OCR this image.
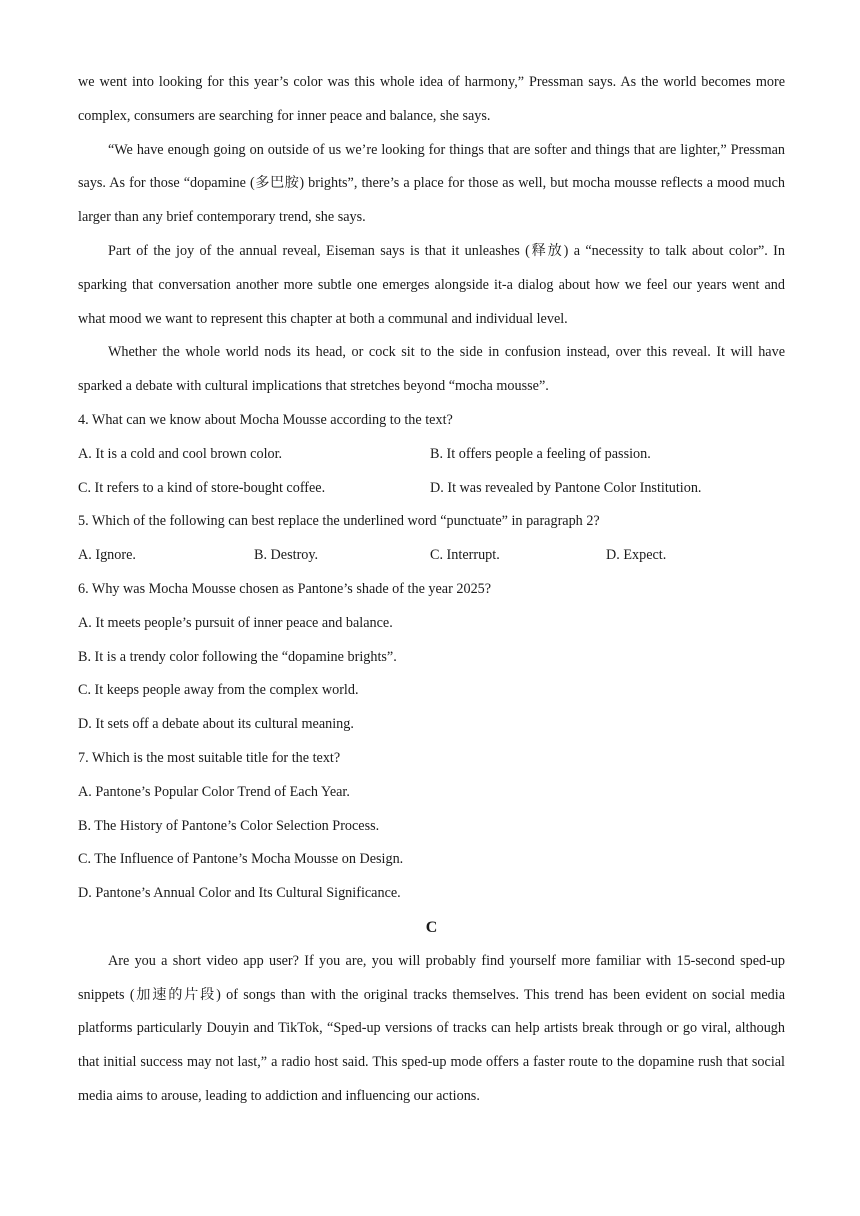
we went into looking for this year’s color was this whole idea of harmony,” Pressman says. As the world becomes more complex, consumers are searching for inner peace and balance, she says.

“We have enough going on outside of us we’re looking for things that are softer and things that are lighter,” Pressman says. As for those “dopamine (多巴胺) brights”, there’s a place for those as well, but mocha mousse reflects a mood much larger than any brief contemporary trend, she says.

Part of the joy of the annual reveal, Eiseman says is that it unleashes (释放) a “necessity to talk about color”. In sparking that conversation another more subtle one emerges alongside it-a dialog about how we feel our years went and what mood we want to represent this chapter at both a communal and individual level.

Whether the whole world nods its head, or cock sit to the side in confusion instead, over this reveal. It will have sparked a debate with cultural implications that stretches beyond “mocha mousse”.

4. What can we know about Mocha Mousse according to the text?
A. It is a cold and cool brown color.	B. It offers people a feeling of passion.
C. It refers to a kind of store-bought coffee.	D. It was revealed by Pantone Color Institution.
5. Which of the following can best replace the underlined word “punctuate” in paragraph 2?
A. Ignore.	B. Destroy.	C. Interrupt.	D. Expect.
6. Why was Mocha Mousse chosen as Pantone’s shade of the year 2025?
A. It meets people’s pursuit of inner peace and balance.
B. It is a trendy color following the “dopamine brights”.
C. It keeps people away from the complex world.
D. It sets off a debate about its cultural meaning.
7. Which is the most suitable title for the text?
A. Pantone’s Popular Color Trend of Each Year.
B. The History of Pantone’s Color Selection Process.
C. The Influence of Pantone’s Mocha Mousse on Design.
D. Pantone’s Annual Color and Its Cultural Significance.
C

Are you a short video app user? If you are, you will probably find yourself more familiar with 15-second sped-up snippets (加速的片段) of songs than with the original tracks themselves. This trend has been evident on social media platforms particularly Douyin and TikTok, “Sped-up versions of tracks can help artists break through or go viral, although that initial success may not last,” a radio host said. This sped-up mode offers a faster route to the dopamine rush that social media aims to arouse, leading to addiction and influencing our actions.
